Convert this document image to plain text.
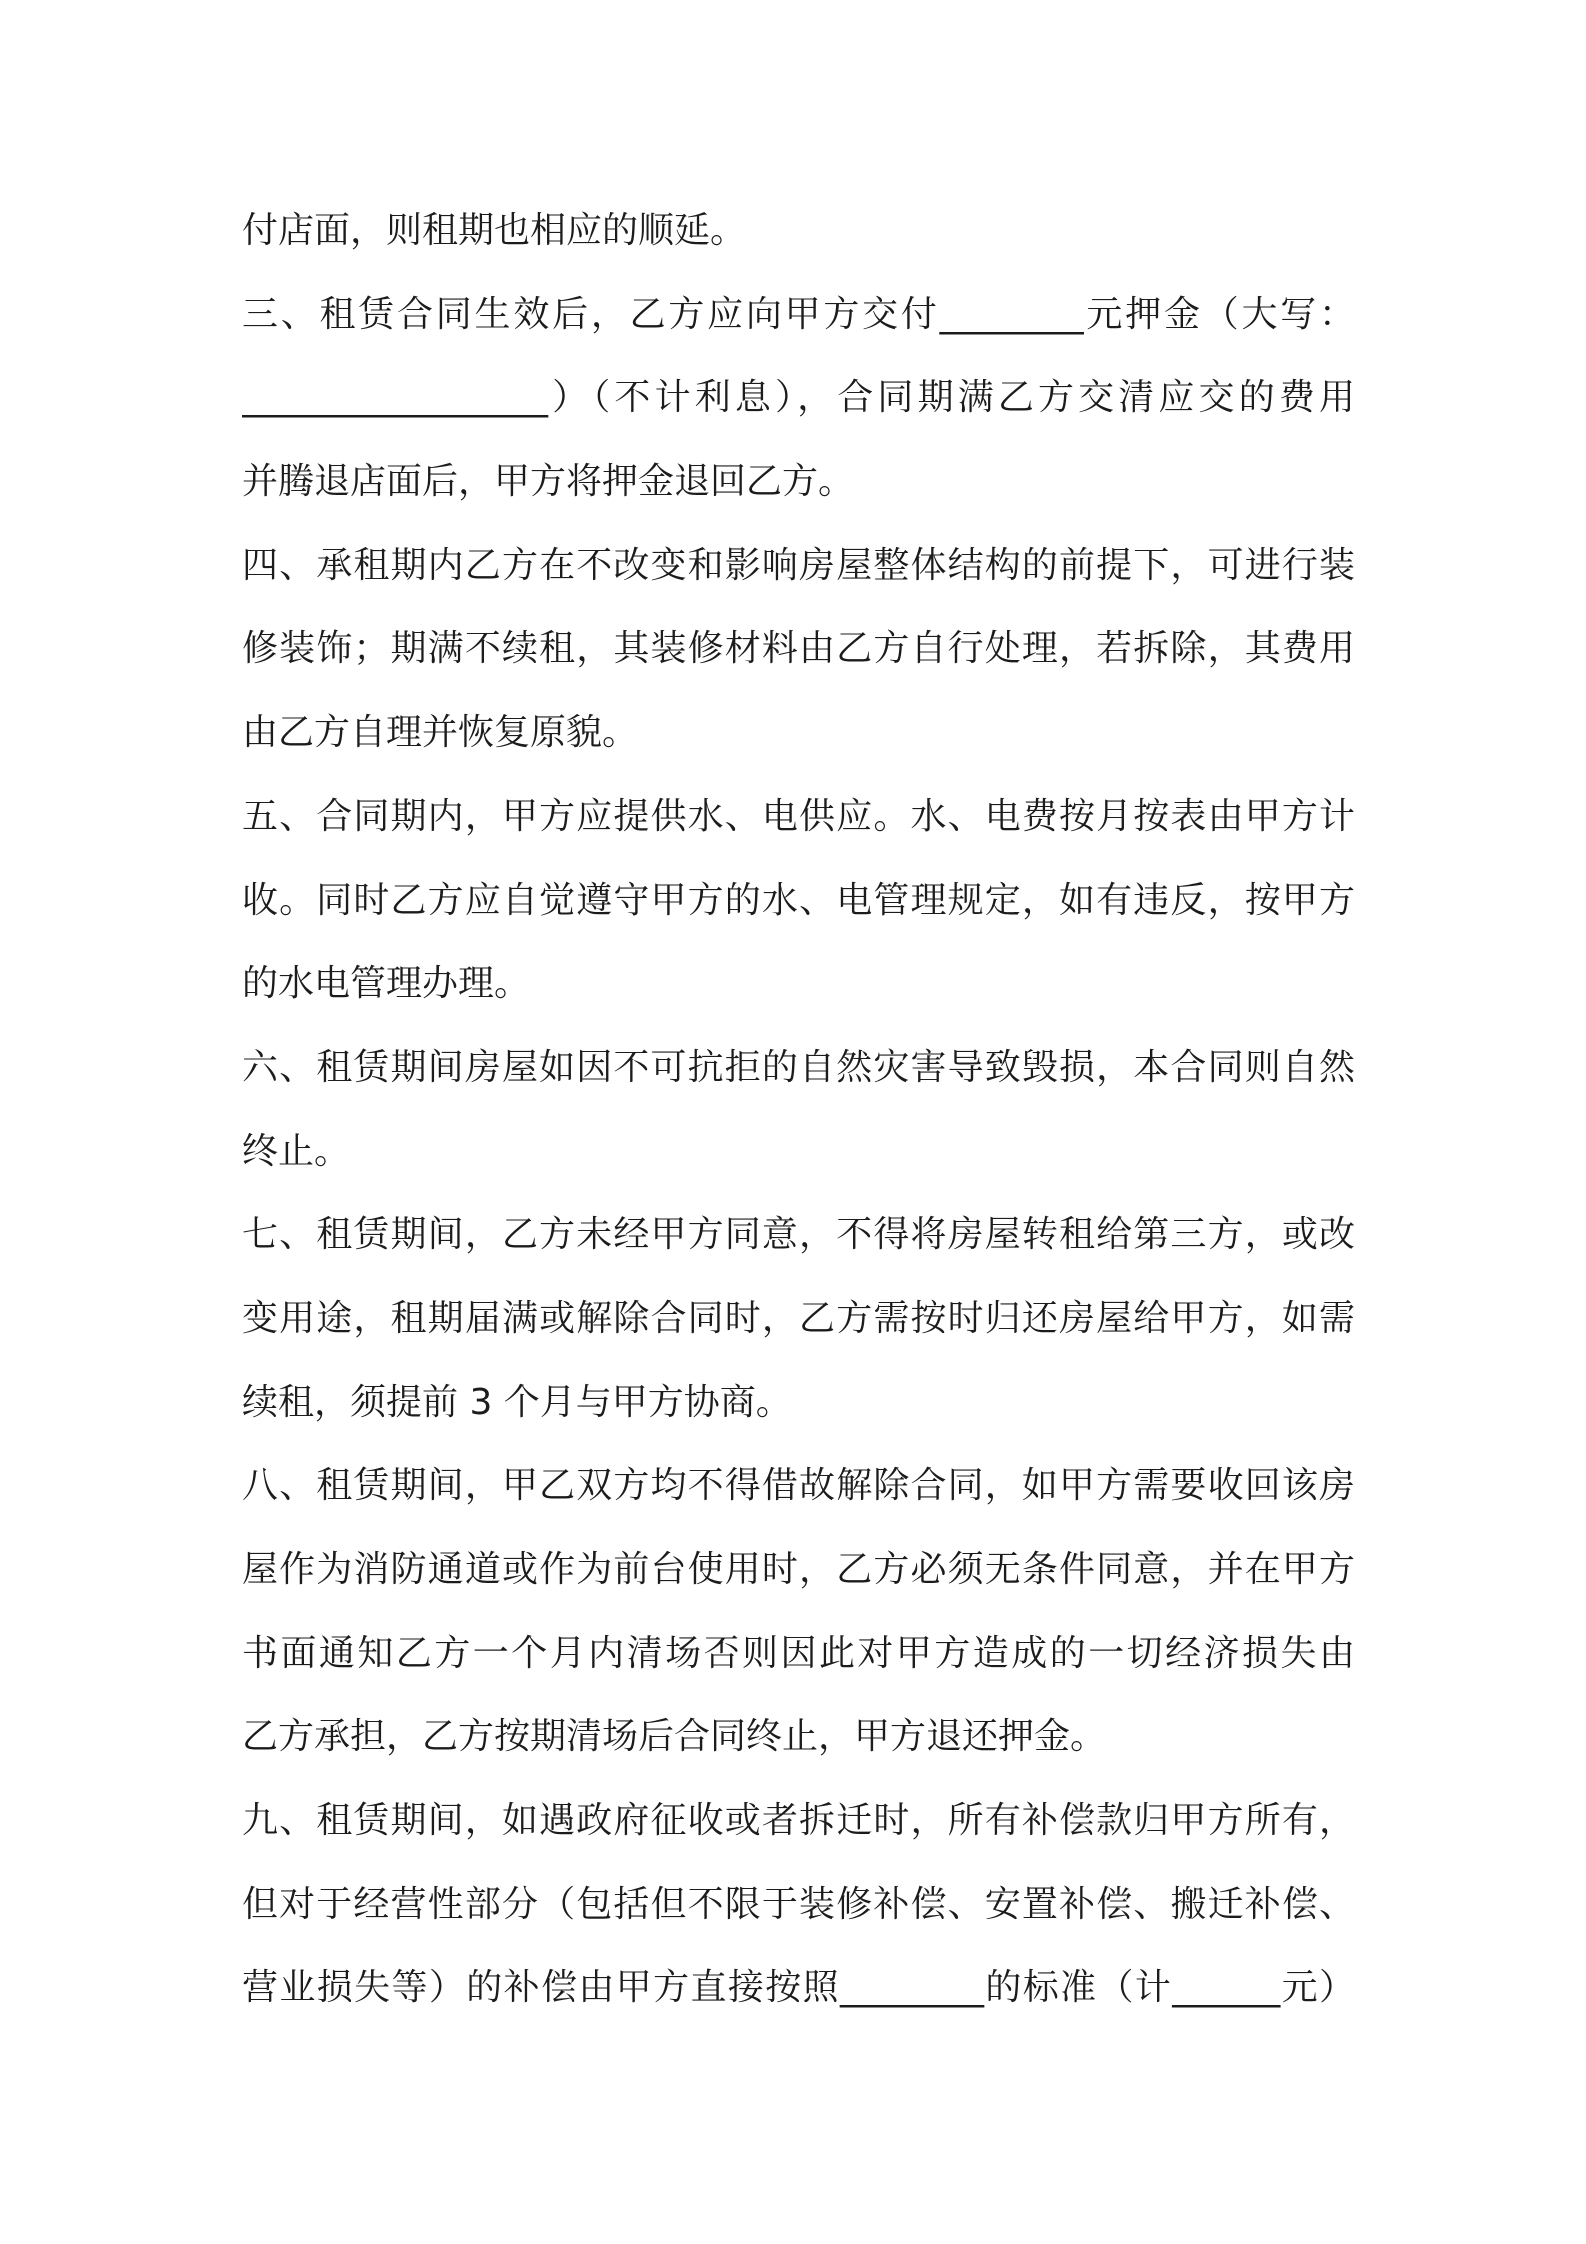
付店面，则租期也相应的顺延。
三、租赁合同生效后，乙方应向甲方交付________元押金（大写：
_________________）（不计利息），合同期满乙方交清应交的费用
并腾退店面后，甲方将押金退回乙方。
四、承租期内乙方在不改变和影响房屋整体结构的前提下，可进行装
修装饰；期满不续租，其装修材料由乙方自行处理，若拆除，其费用
由乙方自理并恢复原貌。
五、合同期内，甲方应提供水、电供应。水、电费按月按表由甲方计
收。同时乙方应自觉遵守甲方的水、电管理规定，如有违反，按甲方
的水电管理办理。
六、租赁期间房屋如因不可抗拒的自然灾害导致毁损，本合同则自然
终止。
七、租赁期间，乙方未经甲方同意，不得将房屋转租给第三方，或改
变用途，租期届满或解除合同时，乙方需按时归还房屋给甲方，如需
续租，须提前 3 个月与甲方协商。
八、租赁期间，甲乙双方均不得借故解除合同，如甲方需要收回该房
屋作为消防通道或作为前台使用时，乙方必须无条件同意，并在甲方
书面通知乙方一个月内清场否则因此对甲方造成的一切经济损失由
乙方承担，乙方按期清场后合同终止，甲方退还押金。
九、租赁期间，如遇政府征收或者拆迁时，所有补偿款归甲方所有，
但对于经营性部分（包括但不限于装修补偿、安置补偿、搬迁补偿、
营业损失等）的补偿由甲方直接按照________的标准（计______元）
